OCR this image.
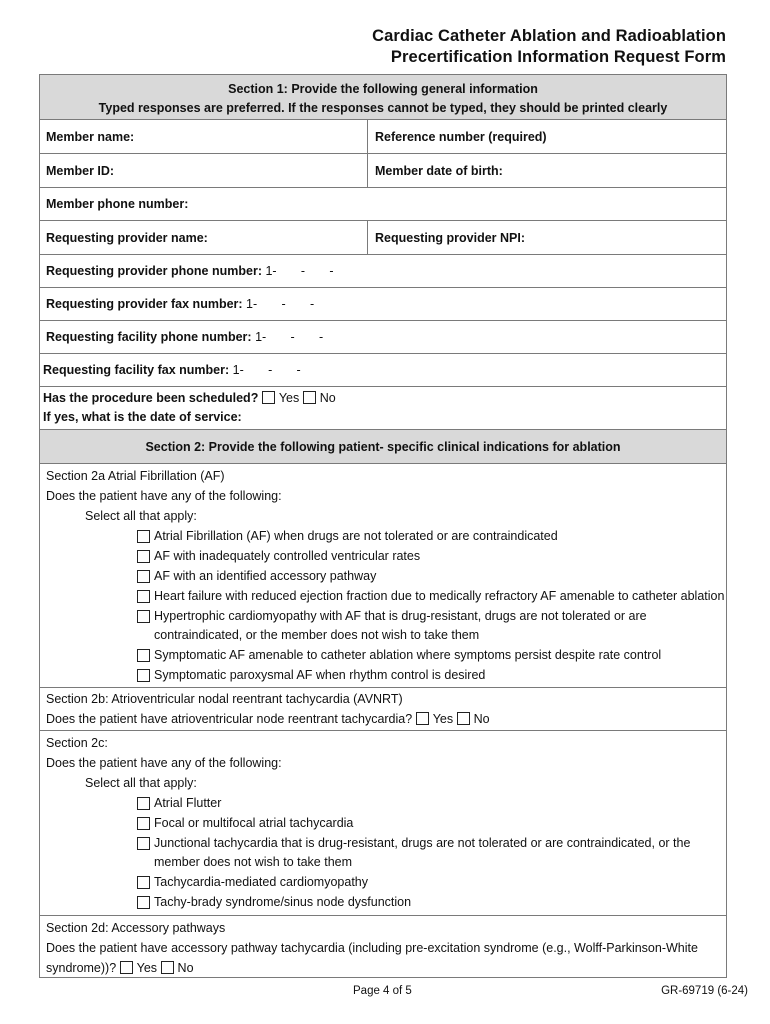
Cardiac Catheter Ablation and Radioablation
Precertification Information Request Form
Section 1: Provide the following general information
Typed responses are preferred. If the responses cannot be typed, they should be printed clearly
Member name:	Reference number (required)
Member ID:	Member date of birth:
Member phone number:
Requesting provider name:	Requesting provider NPI:
Requesting provider phone number: 1-       -       -
Requesting provider fax number: 1-       -       -
Requesting facility phone number: 1-       -       -
Requesting facility fax number: 1-       -       -
Has the procedure been scheduled? Yes No
If yes, what is the date of service:
Section 2: Provide the following patient- specific clinical indications for ablation
Section 2a Atrial Fibrillation (AF)
Does the patient have any of the following:
Select all that apply:
Atrial Fibrillation (AF) when drugs are not tolerated or are contraindicated
AF with inadequately controlled ventricular rates
AF with an identified accessory pathway
Heart failure with reduced ejection fraction due to medically refractory AF amenable to catheter ablation
Hypertrophic cardiomyopathy with AF that is drug-resistant, drugs are not tolerated or are
contraindicated, or the member does not wish to take them
Symptomatic AF amenable to catheter ablation where symptoms persist despite rate control
Symptomatic paroxysmal AF when rhythm control is desired
Section 2b: Atrioventricular nodal reentrant tachycardia (AVNRT)
Does the patient have atrioventricular node reentrant tachycardia? Yes No
Section 2c:
Does the patient have any of the following:
Select all that apply:
Atrial Flutter
Focal or multifocal atrial tachycardia
Junctional tachycardia that is drug-resistant, drugs are not tolerated or are contraindicated, or the
member does not wish to take them
Tachycardia-mediated cardiomyopathy
Tachy-brady syndrome/sinus node dysfunction
Section 2d: Accessory pathways
Does the patient have accessory pathway tachycardia (including pre-excitation syndrome (e.g., Wolff-Parkinson-White
syndrome))? Yes No
Page 4 of 5	GR-69719 (6-24)
